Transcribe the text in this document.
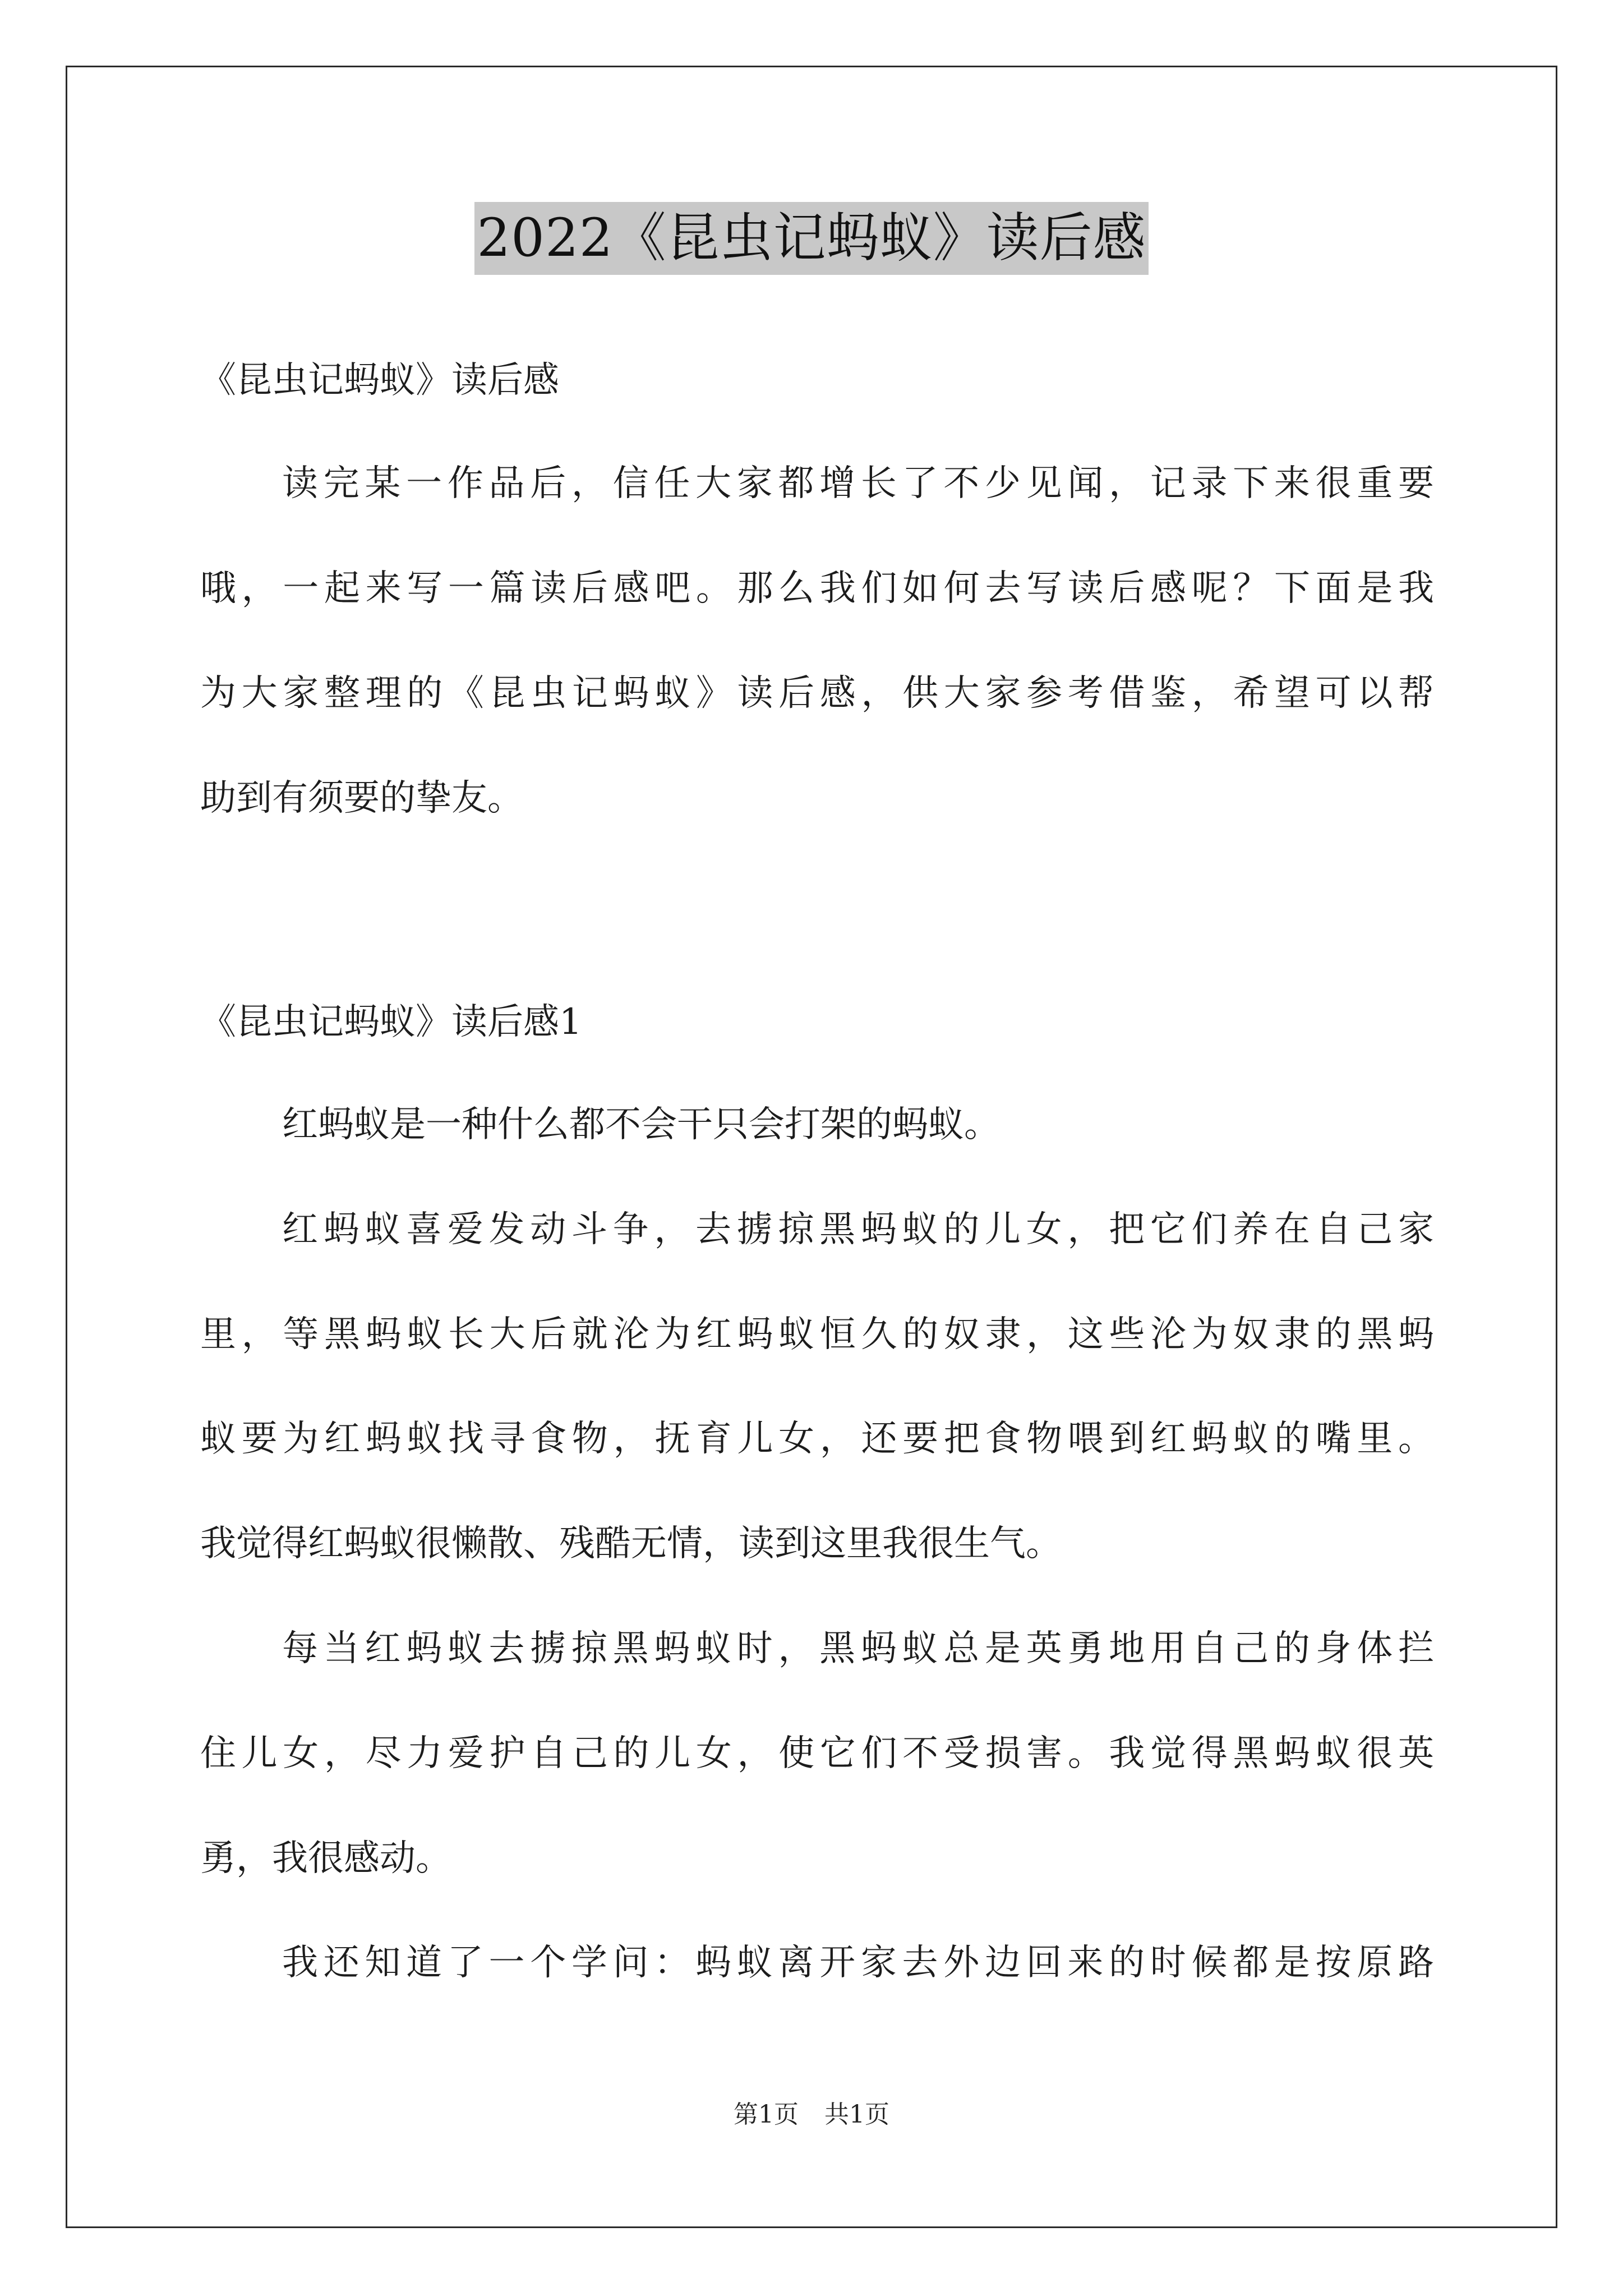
2022《昆虫记蚂蚁》读后感
《昆虫记蚂蚁》读后感
读完某一作品后，信任大家都增长了不少见闻，记录下来很重要
哦，一起来写一篇读后感吧。那么我们如何去写读后感呢？下面是我
为大家整理的《昆虫记蚂蚁》读后感，供大家参考借鉴，希望可以帮
助到有须要的挚友。
《昆虫记蚂蚁》读后感1
红蚂蚁是一种什么都不会干只会打架的蚂蚁。
红蚂蚁喜爱发动斗争，去掳掠黑蚂蚁的儿女，把它们养在自己家
里，等黑蚂蚁长大后就沦为红蚂蚁恒久的奴隶，这些沦为奴隶的黑蚂
蚁要为红蚂蚁找寻食物，抚育儿女，还要把食物喂到红蚂蚁的嘴里。
我觉得红蚂蚁很懒散、残酷无情，读到这里我很生气。
每当红蚂蚁去掳掠黑蚂蚁时，黑蚂蚁总是英勇地用自己的身体拦
住儿女，尽力爱护自己的儿女，使它们不受损害。我觉得黑蚂蚁很英
勇，我很感动。
我还知道了一个学问：蚂蚁离开家去外边回来的时候都是按原路
第1页 共1页
